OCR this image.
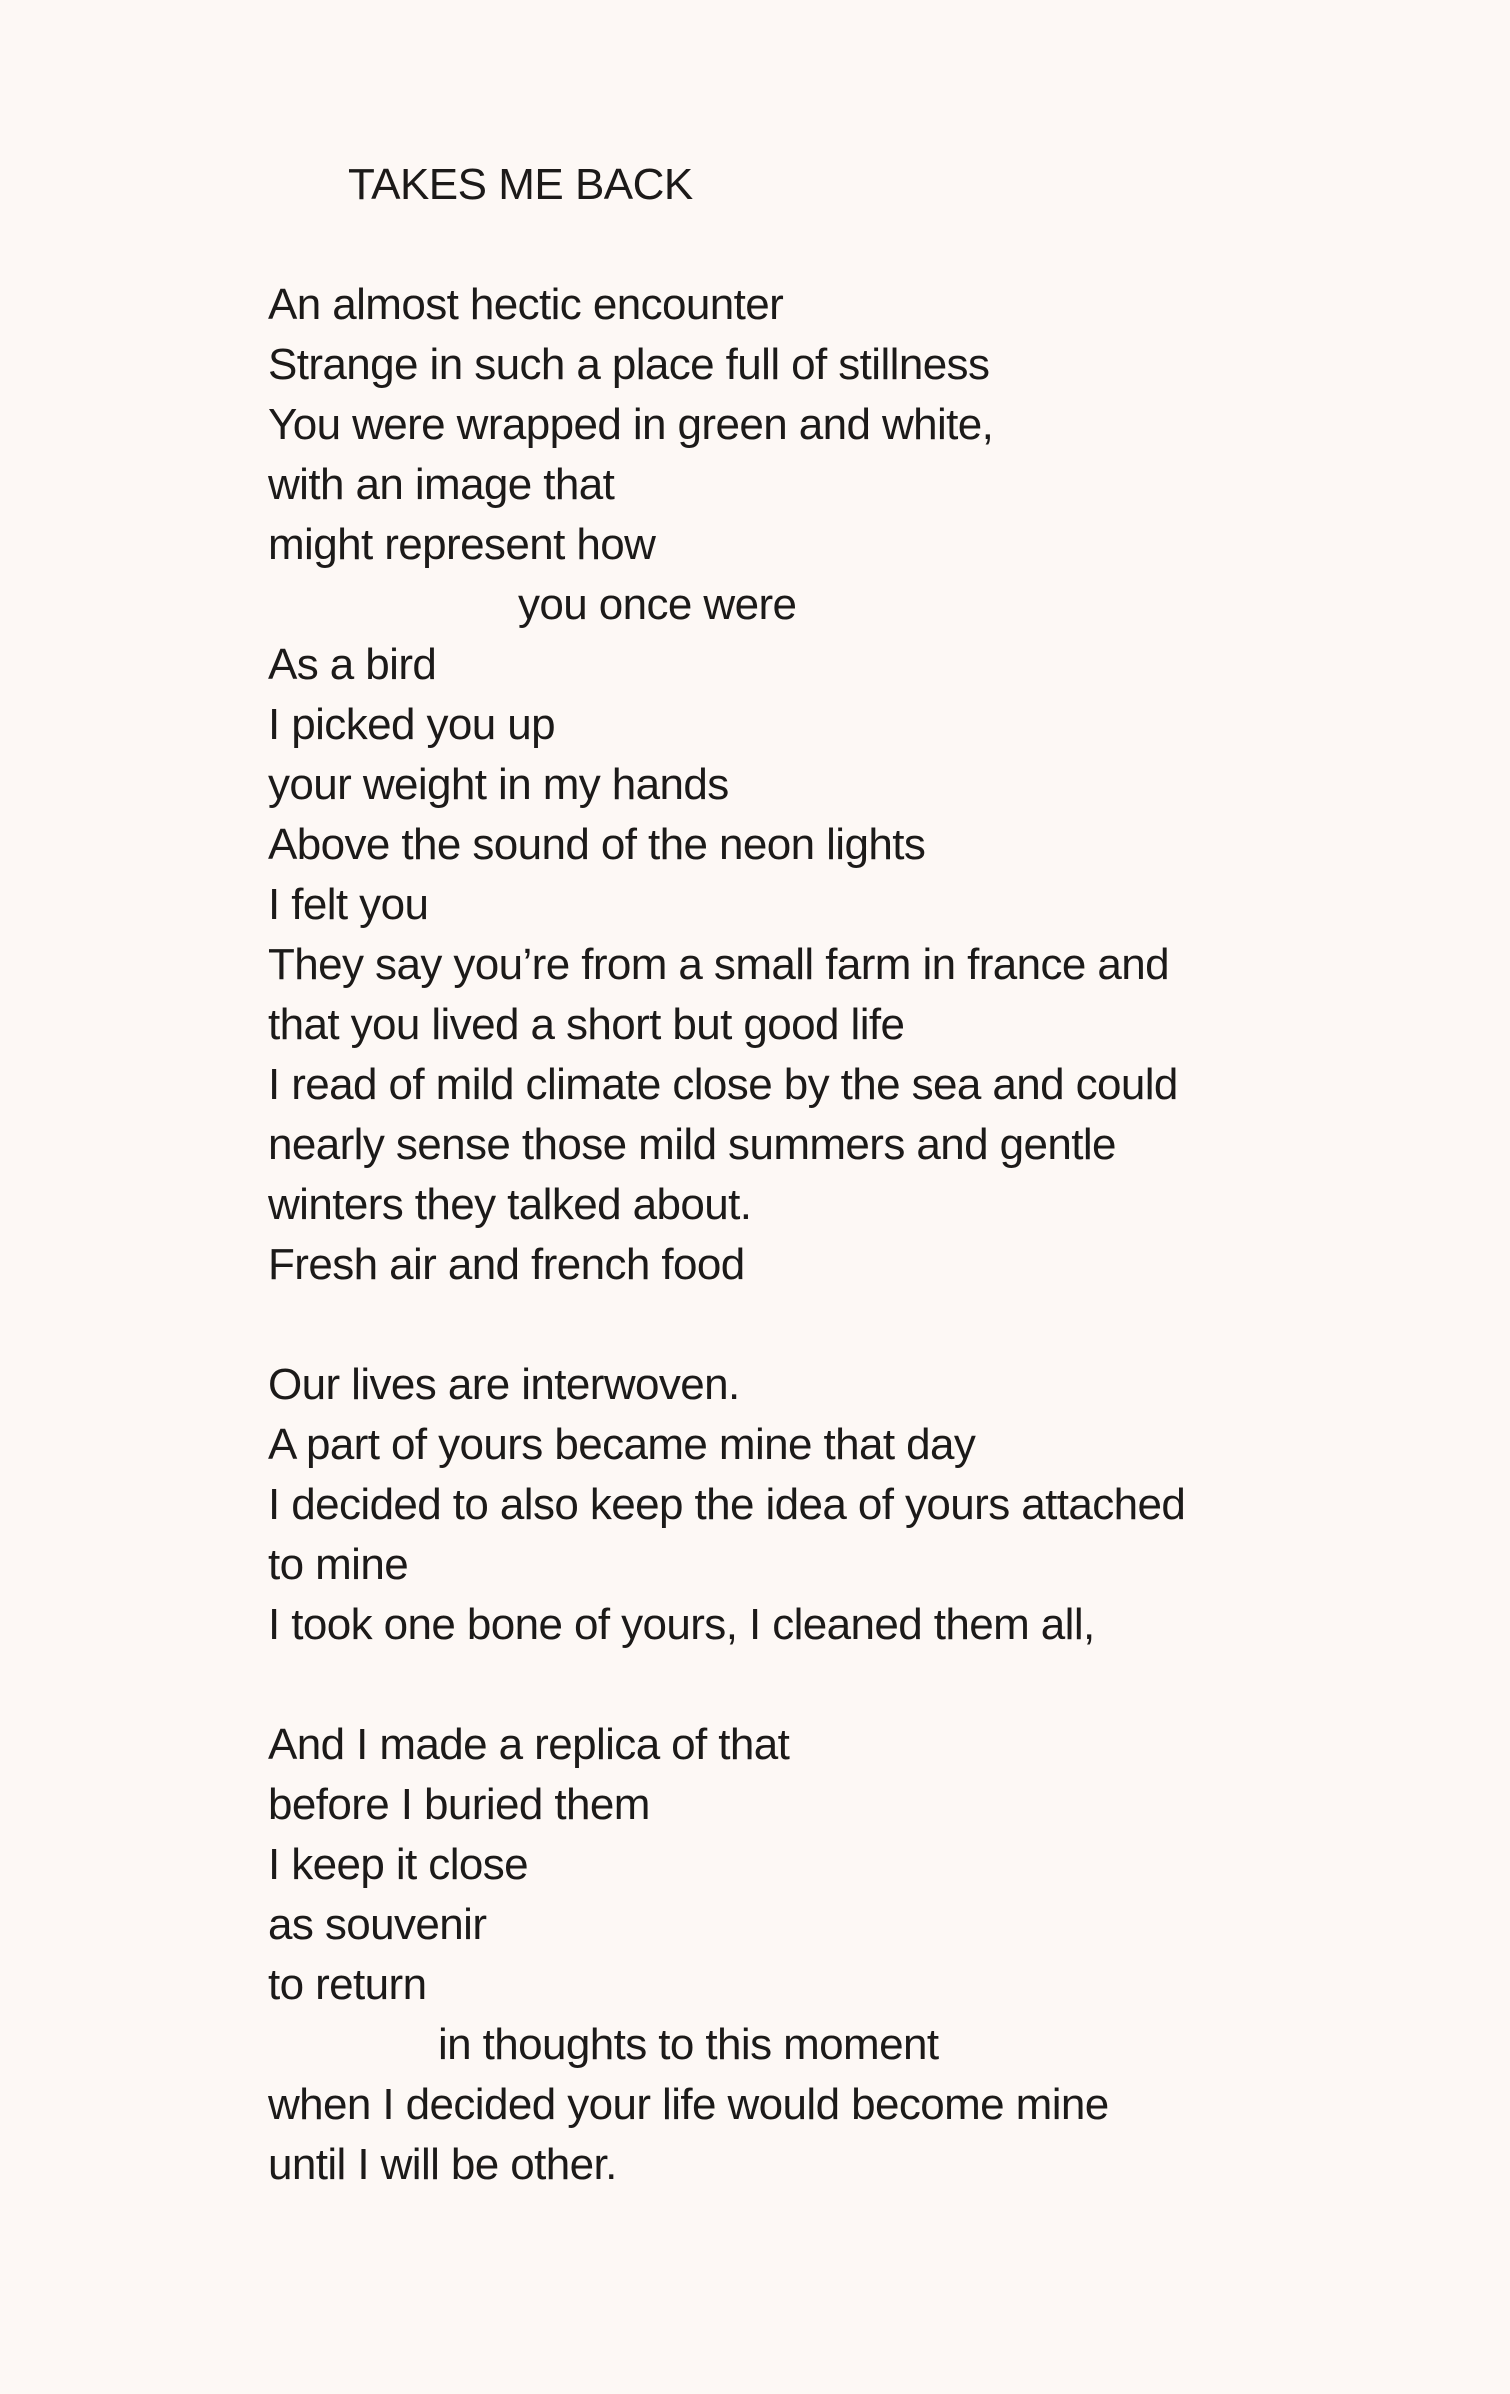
TAKES ME BACK
An almost hectic encounter
Strange in such a place full of stillness
You were wrapped in green and white,
with an image that
might represent how
you once were
As a bird
I picked you up
your weight in my hands
Above the sound of the neon lights
I felt you
They say you’re from a small farm in france and
that you lived a short but good life
I read of mild climate close by the sea and could
nearly sense those mild summers and gentle
winters they talked about.
Fresh air and french food
Our lives are interwoven.
A part of yours became mine that day
I decided to also keep the idea of yours attached
to mine
I took one bone of yours, I cleaned them all,
And I made a replica of that
before I buried them
I keep it close
as souvenir
to return
in thoughts to this moment
when I decided your life would become mine
until I will be other.
